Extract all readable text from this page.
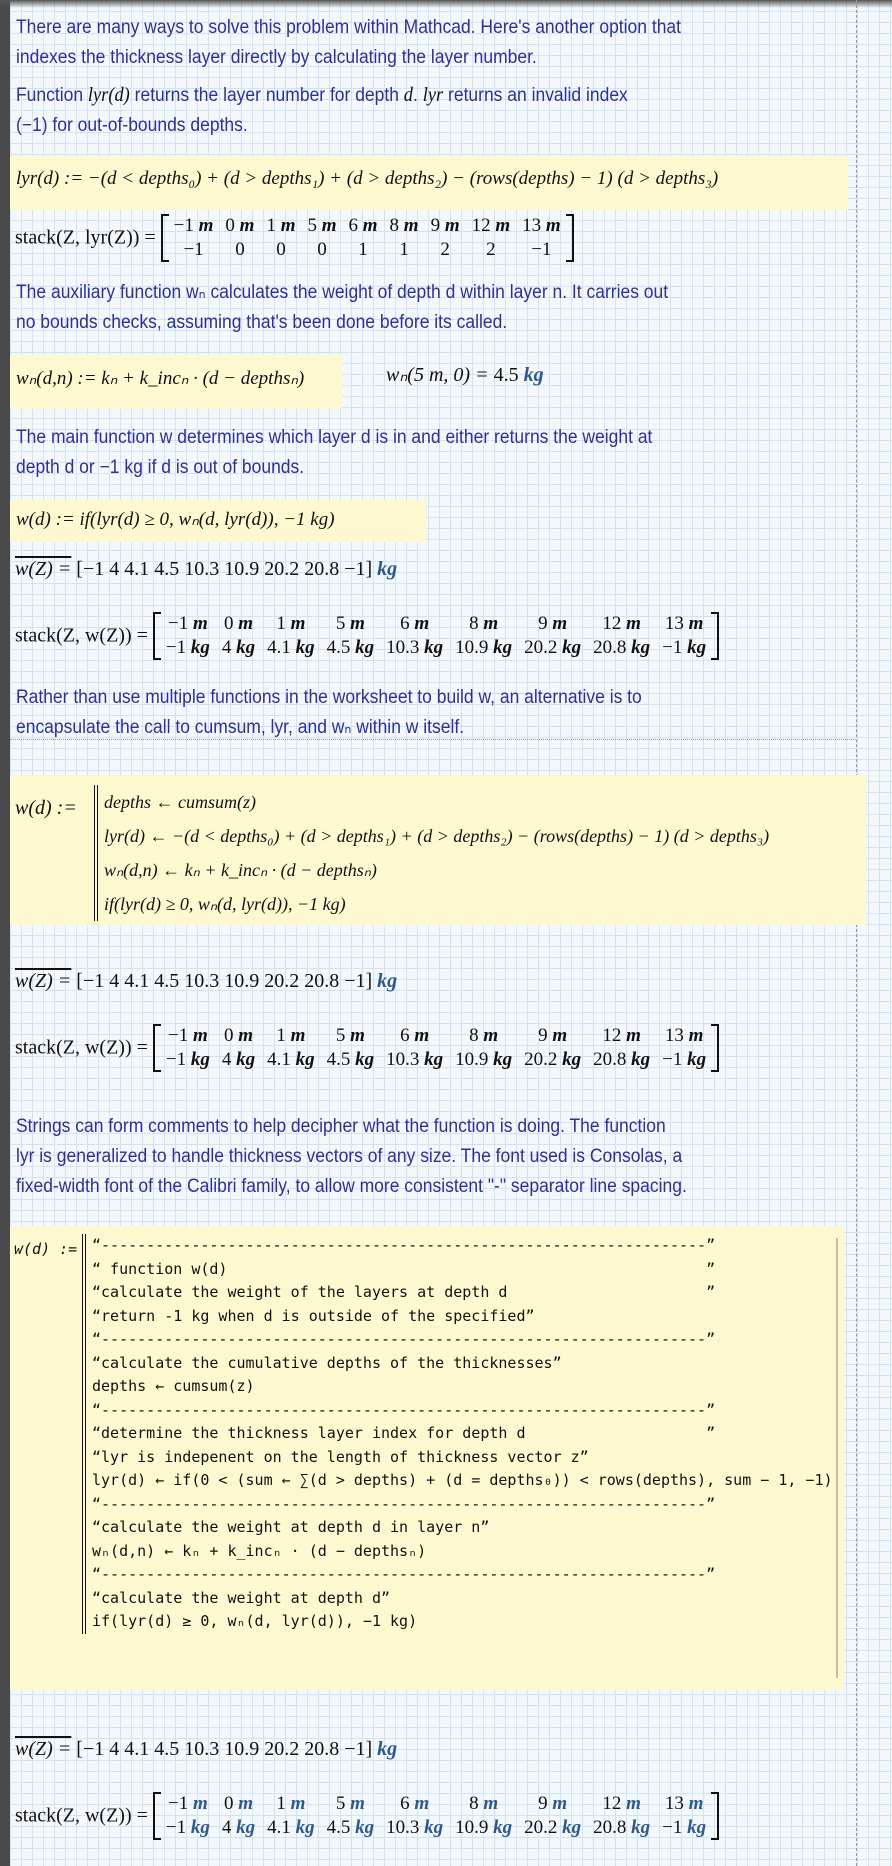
There are many ways to solve this problem within Mathcad. Here's another option that
indexes the thickness layer directly by calculating the layer number.
Function lyr(d) returns the layer number for depth d. lyr returns an invalid index
(−1) for out-of-bounds depths.
lyr(d) := −(d < depths₀) + (d > depths₁) + (d > depths₂) − (rows(depths) − 1) (d > depths₃)
stack(Z, lyr(Z)) =
−1 m	0 m	1 m	5 m	6 m	8 m	9 m	12 m	13 m
−1	0	0	0	1	1	2	2	−1
The auxiliary function wₙ calculates the weight of depth d within layer n. It carries out
no bounds checks, assuming that's been done before its called.
wₙ(d,n) := kₙ + k_incₙ · (d − depthsₙ)	wₙ(5 m, 0) = 4.5 kg
The main function w determines which layer d is in and either returns the weight at
depth d or −1 kg if d is out of bounds.
w(d) := if(lyr(d) ≥ 0, wₙ(d, lyr(d)), −1 kg)
w(Z) = [−1 4 4.1 4.5 10.3 10.9 20.2 20.8 −1] kg
stack(Z, w(Z)) =
−1 m	0 m	1 m	5 m	6 m	8 m	9 m	12 m	13 m
−1 kg	4 kg	4.1 kg	4.5 kg	10.3 kg	10.9 kg	20.2 kg	20.8 kg	−1 kg
Rather than use multiple functions in the worksheet to build w, an alternative is to
encapsulate the call to cumsum, lyr, and wₙ within w itself.
w(d) := depths ← cumsum(z)
lyr(d) ← −(d < depths₀) + (d > depths₁) + (d > depths₂) − (rows(depths) − 1) (d > depths₃)
wₙ(d,n) ← kₙ + k_incₙ · (d − depthsₙ)
if(lyr(d) ≥ 0, wₙ(d, lyr(d)), −1 kg)
w(Z) = [−1 4 4.1 4.5 10.3 10.9 20.2 20.8 −1] kg
stack(Z, w(Z)) =
−1 m	0 m	1 m	5 m	6 m	8 m	9 m	12 m	13 m
−1 kg	4 kg	4.1 kg	4.5 kg	10.3 kg	10.9 kg	20.2 kg	20.8 kg	−1 kg
Strings can form comments to help decipher what the function is doing. The function
lyr is generalized to handle thickness vectors of any size. The font used is Consolas, a
fixed-width font of the Calibri family, to allow more consistent "-" separator line spacing.
w(d) := “-------------------------------------------------------------------”
“ function w(d)                                                     ”
“calculate the weight of the layers at depth d                      ”
“return -1 kg when d is outside of the specified”
“-------------------------------------------------------------------”
“calculate the cumulative depths of the thicknesses”
depths ← cumsum(z)
“-------------------------------------------------------------------”
“determine the thickness layer index for depth d                    ”
“lyr is indepenent on the length of thickness vector z”
lyr(d) ← if(0 < (sum ← ∑(d > depths) + (d = depths₀)) < rows(depths), sum − 1, −1)
“-------------------------------------------------------------------”
“calculate the weight at depth d in layer n”
wₙ(d,n) ← kₙ + k_incₙ · (d − depthsₙ)
“-------------------------------------------------------------------”
“calculate the weight at depth d”
if(lyr(d) ≥ 0, wₙ(d, lyr(d)), −1 kg)
w(Z) = [−1 4 4.1 4.5 10.3 10.9 20.2 20.8 −1] kg
stack(Z, w(Z)) =
−1 m	0 m	1 m	5 m	6 m	8 m	9 m	12 m	13 m
−1 kg	4 kg	4.1 kg	4.5 kg	10.3 kg	10.9 kg	20.2 kg	20.8 kg	−1 kg
